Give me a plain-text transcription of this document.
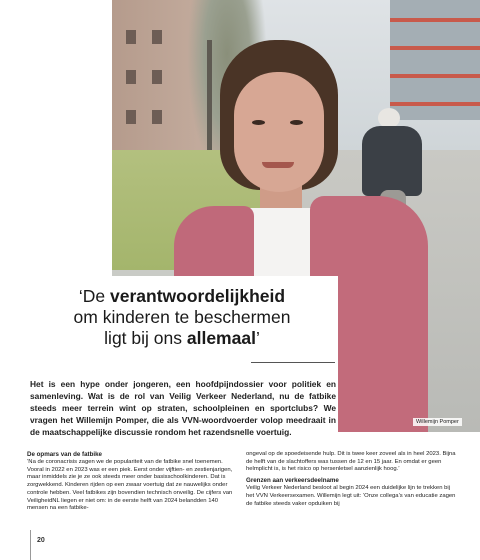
Willemijn Pomper
‘De verantwoordelijkheid
om kinderen te beschermen
ligt bij ons allemaal’

Het is een hype onder jongeren, een hoofdpijndossier voor politiek en samenleving. Wat is de rol van Veilig Verkeer Nederland, nu de fatbike steeds meer terrein wint op straten, schoolpleinen en sportclubs? We vragen het Willemijn Pomper, die als VVN-woordvoerder volop meedraait in de maatschappelijke discussie rondom het razendsnelle voertuig.

De opmars van de fatbike

‘Na de coronacrisis zagen we de populariteit van de fatbike snel toenemen. Vooral in 2022 en 2023 was er een piek. Eerst onder vijftien- en zestienjarigen, maar inmiddels zie je ze ook steeds meer onder basisschoolkinderen. Dat is zorgwekkend. Kinderen rijden op een zwaar voertuig dat ze nauwelijks onder controle hebben. Veel fatbikes zijn bovendien technisch onveilig. De cijfers van VeiligheidNL liegen er niet om: in de eerste helft van 2024 belandden 140 mensen na een fatbike-

ongeval op de spoedeisende hulp. Dit is twee keer zoveel als in heel 2023. Bijna de helft van de slachtoffers was tussen de 12 en 15 jaar. En omdat er geen helmplicht is, is het risico op hersenletsel aanzienlijk hoog.’

Grenzen aan verkeersdeelname

Veilig Verkeer Nederland besloot al begin 2024 een duidelijke lijn te trekken bij het VVN Verkeersexamen. Willemijn legt uit: ‘Onze collega’s van educatie zagen de fatbike steeds vaker opduiken bij

20
